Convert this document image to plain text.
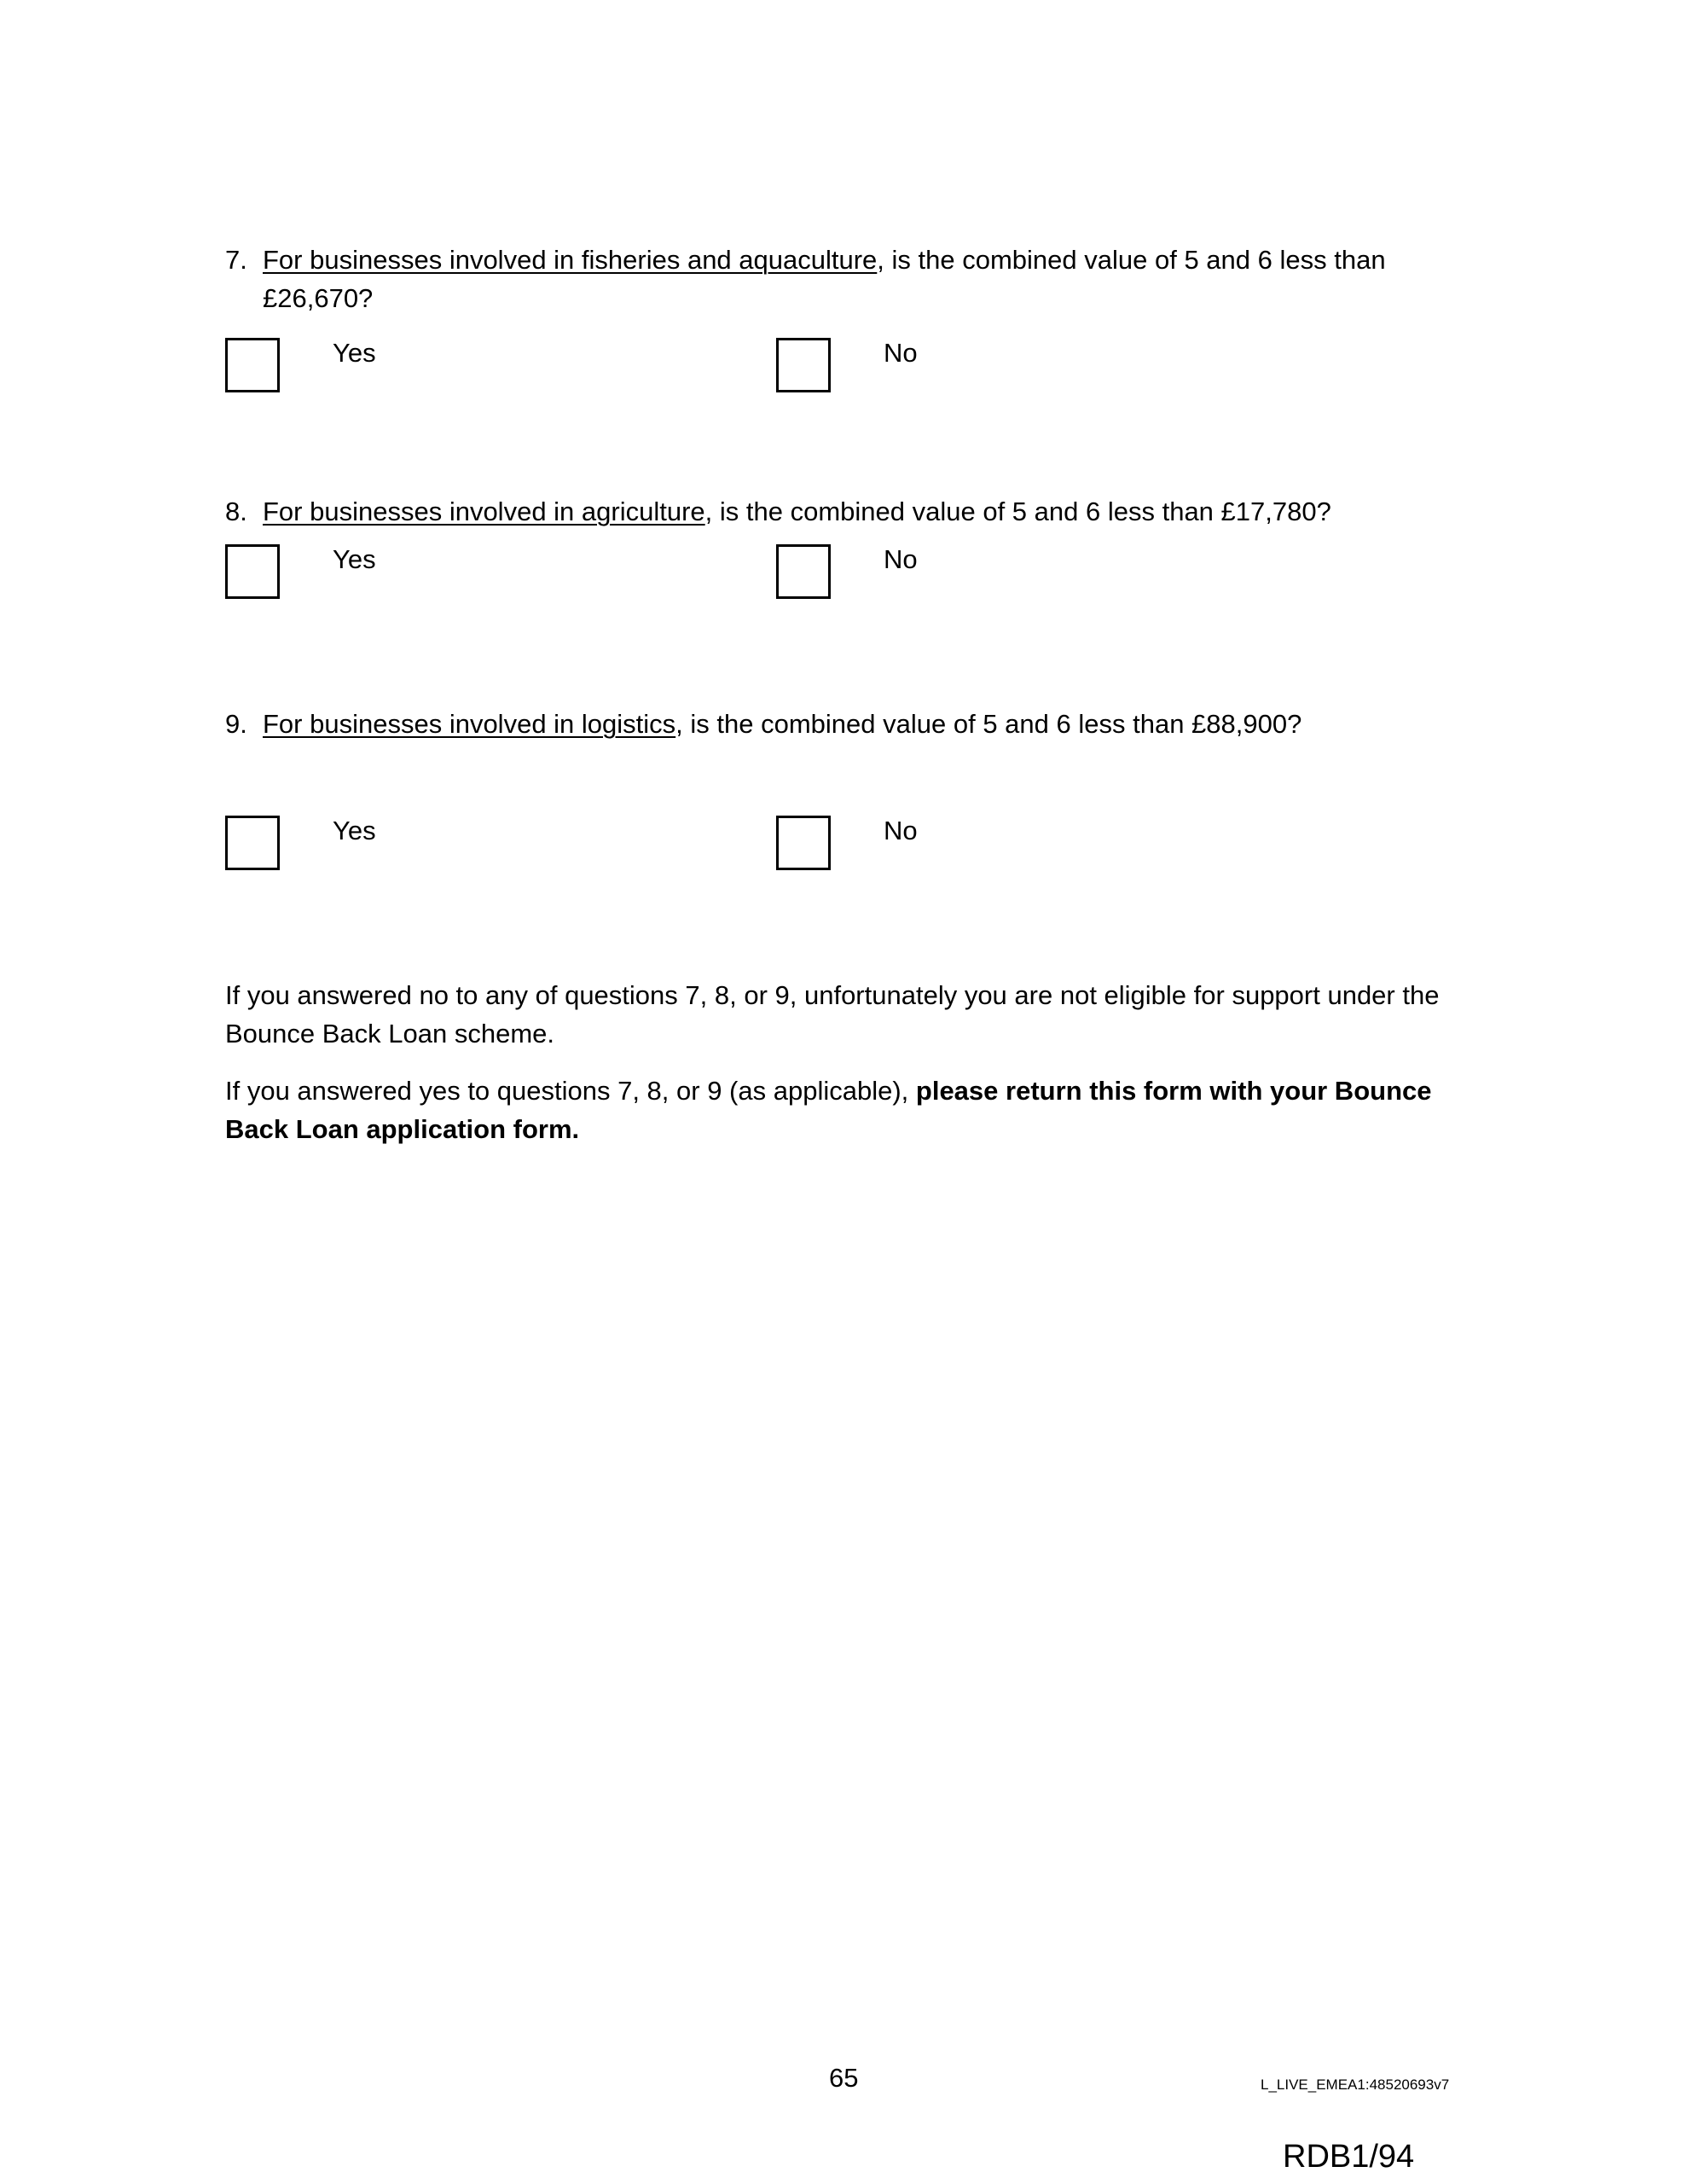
7. For businesses involved in fisheries and aquaculture, is the combined value of 5 and 6 less than
£26,670?
Yes	No
8. For businesses involved in agriculture, is the combined value of 5 and 6 less than £17,780?
Yes	No
9. For businesses involved in logistics, is the combined value of 5 and 6 less than £88,900?
Yes	No
If you answered no to any of questions 7, 8, or 9, unfortunately you are not eligible for support under the Bounce Back Loan scheme.
If you answered yes to questions 7, 8, or 9 (as applicable), please return this form with your Bounce Back Loan application form.
65	L_LIVE_EMEA1:48520693v7
RDB1/94
